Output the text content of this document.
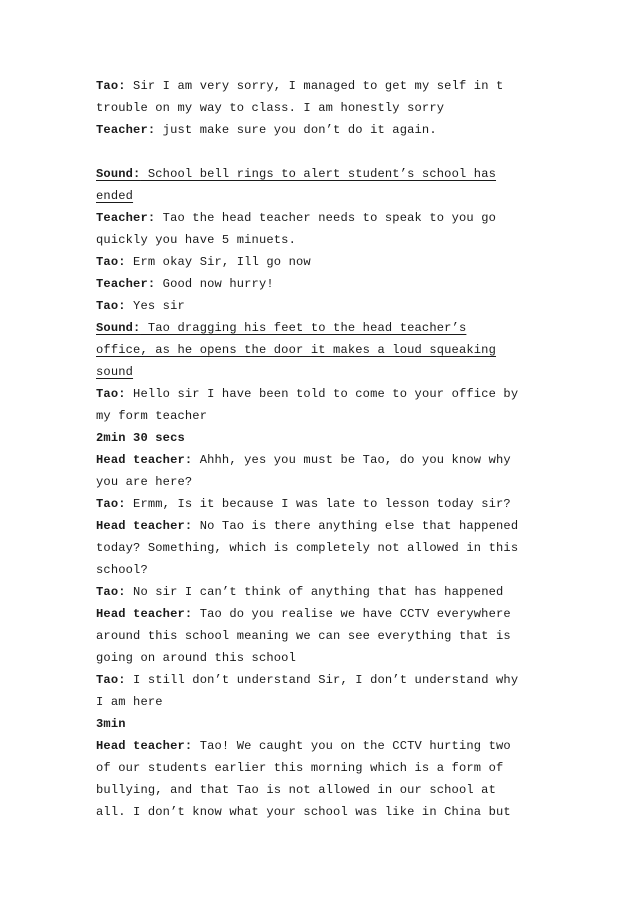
Tao: Sir I am very sorry, I managed to get my self in t
trouble on my way to class. I am honestly sorry
Teacher: just make sure you don’t do it again.
Sound: School bell rings to alert student’s school has
ended
Teacher: Tao the head teacher needs to speak to you go
quickly you have 5 minuets.
Tao: Erm okay Sir, Ill go now
Teacher: Good now hurry!
Tao: Yes sir
Sound: Tao dragging his feet to the head teacher’s
office, as he opens the door it makes a loud squeaking
sound
Tao: Hello sir I have been told to come to your office by
my form teacher
2min 30 secs
Head teacher: Ahhh, yes you must be Tao, do you know why
you are here?
Tao: Ermm, Is it because I was late to lesson today sir?
Head teacher: No Tao is there anything else that happened
today? Something, which is completely not allowed in this
school?
Tao: No sir I can’t think of anything that has happened
Head teacher: Tao do you realise we have CCTV everywhere
around this school meaning we can see everything that is
going on around this school
Tao: I still don’t understand Sir, I don’t understand why
I am here
3min
Head teacher: Tao! We caught you on the CCTV hurting two
of our students earlier this morning which is a form of
bullying, and that Tao is not allowed in our school at
all. I don’t know what your school was like in China but
